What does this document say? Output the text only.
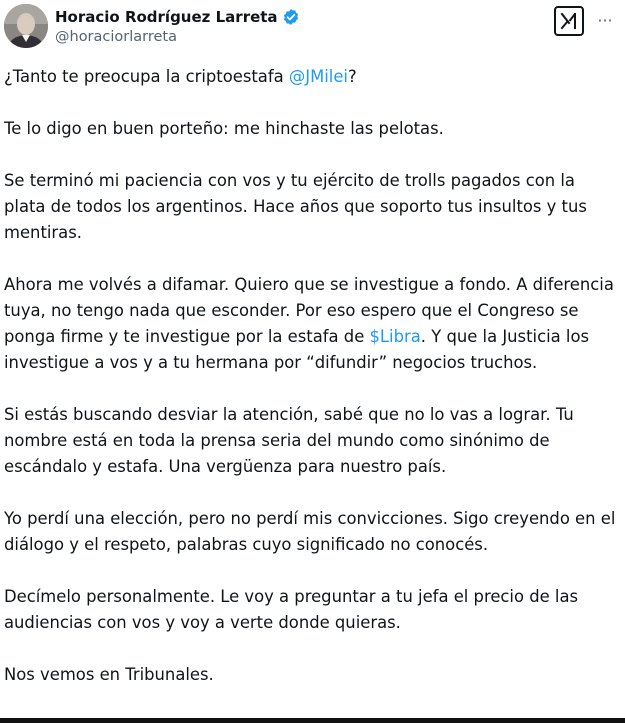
Horacio Rodríguez Larreta
@horaciorlarreta
···

¿Tanto te preocupa la criptoestafa @JMilei?

Te lo digo en buen porteño: me hinchaste las pelotas.

Se terminó mi paciencia con vos y tu ejército de trolls pagados con la plata de todos los argentinos. Hace años que soporto tus insultos y tus mentiras.

Ahora me volvés a difamar. Quiero que se investigue a fondo. A diferencia tuya, no tengo nada que esconder. Por eso espero que el Congreso se ponga firme y te investigue por la estafa de $Libra. Y que la Justicia los investigue a vos y a tu hermana por “difundir” negocios truchos.

Si estás buscando desviar la atención, sabé que no lo vas a lograr. Tu nombre está en toda la prensa seria del mundo como sinónimo de escándalo y estafa. Una vergüenza para nuestro país.

Yo perdí una elección, pero no perdí mis convicciones. Sigo creyendo en el diálogo y el respeto, palabras cuyo significado no conocés.

Decímelo personalmente. Le voy a preguntar a tu jefa el precio de las audiencias con vos y voy a verte donde quieras.

Nos vemos en Tribunales.
